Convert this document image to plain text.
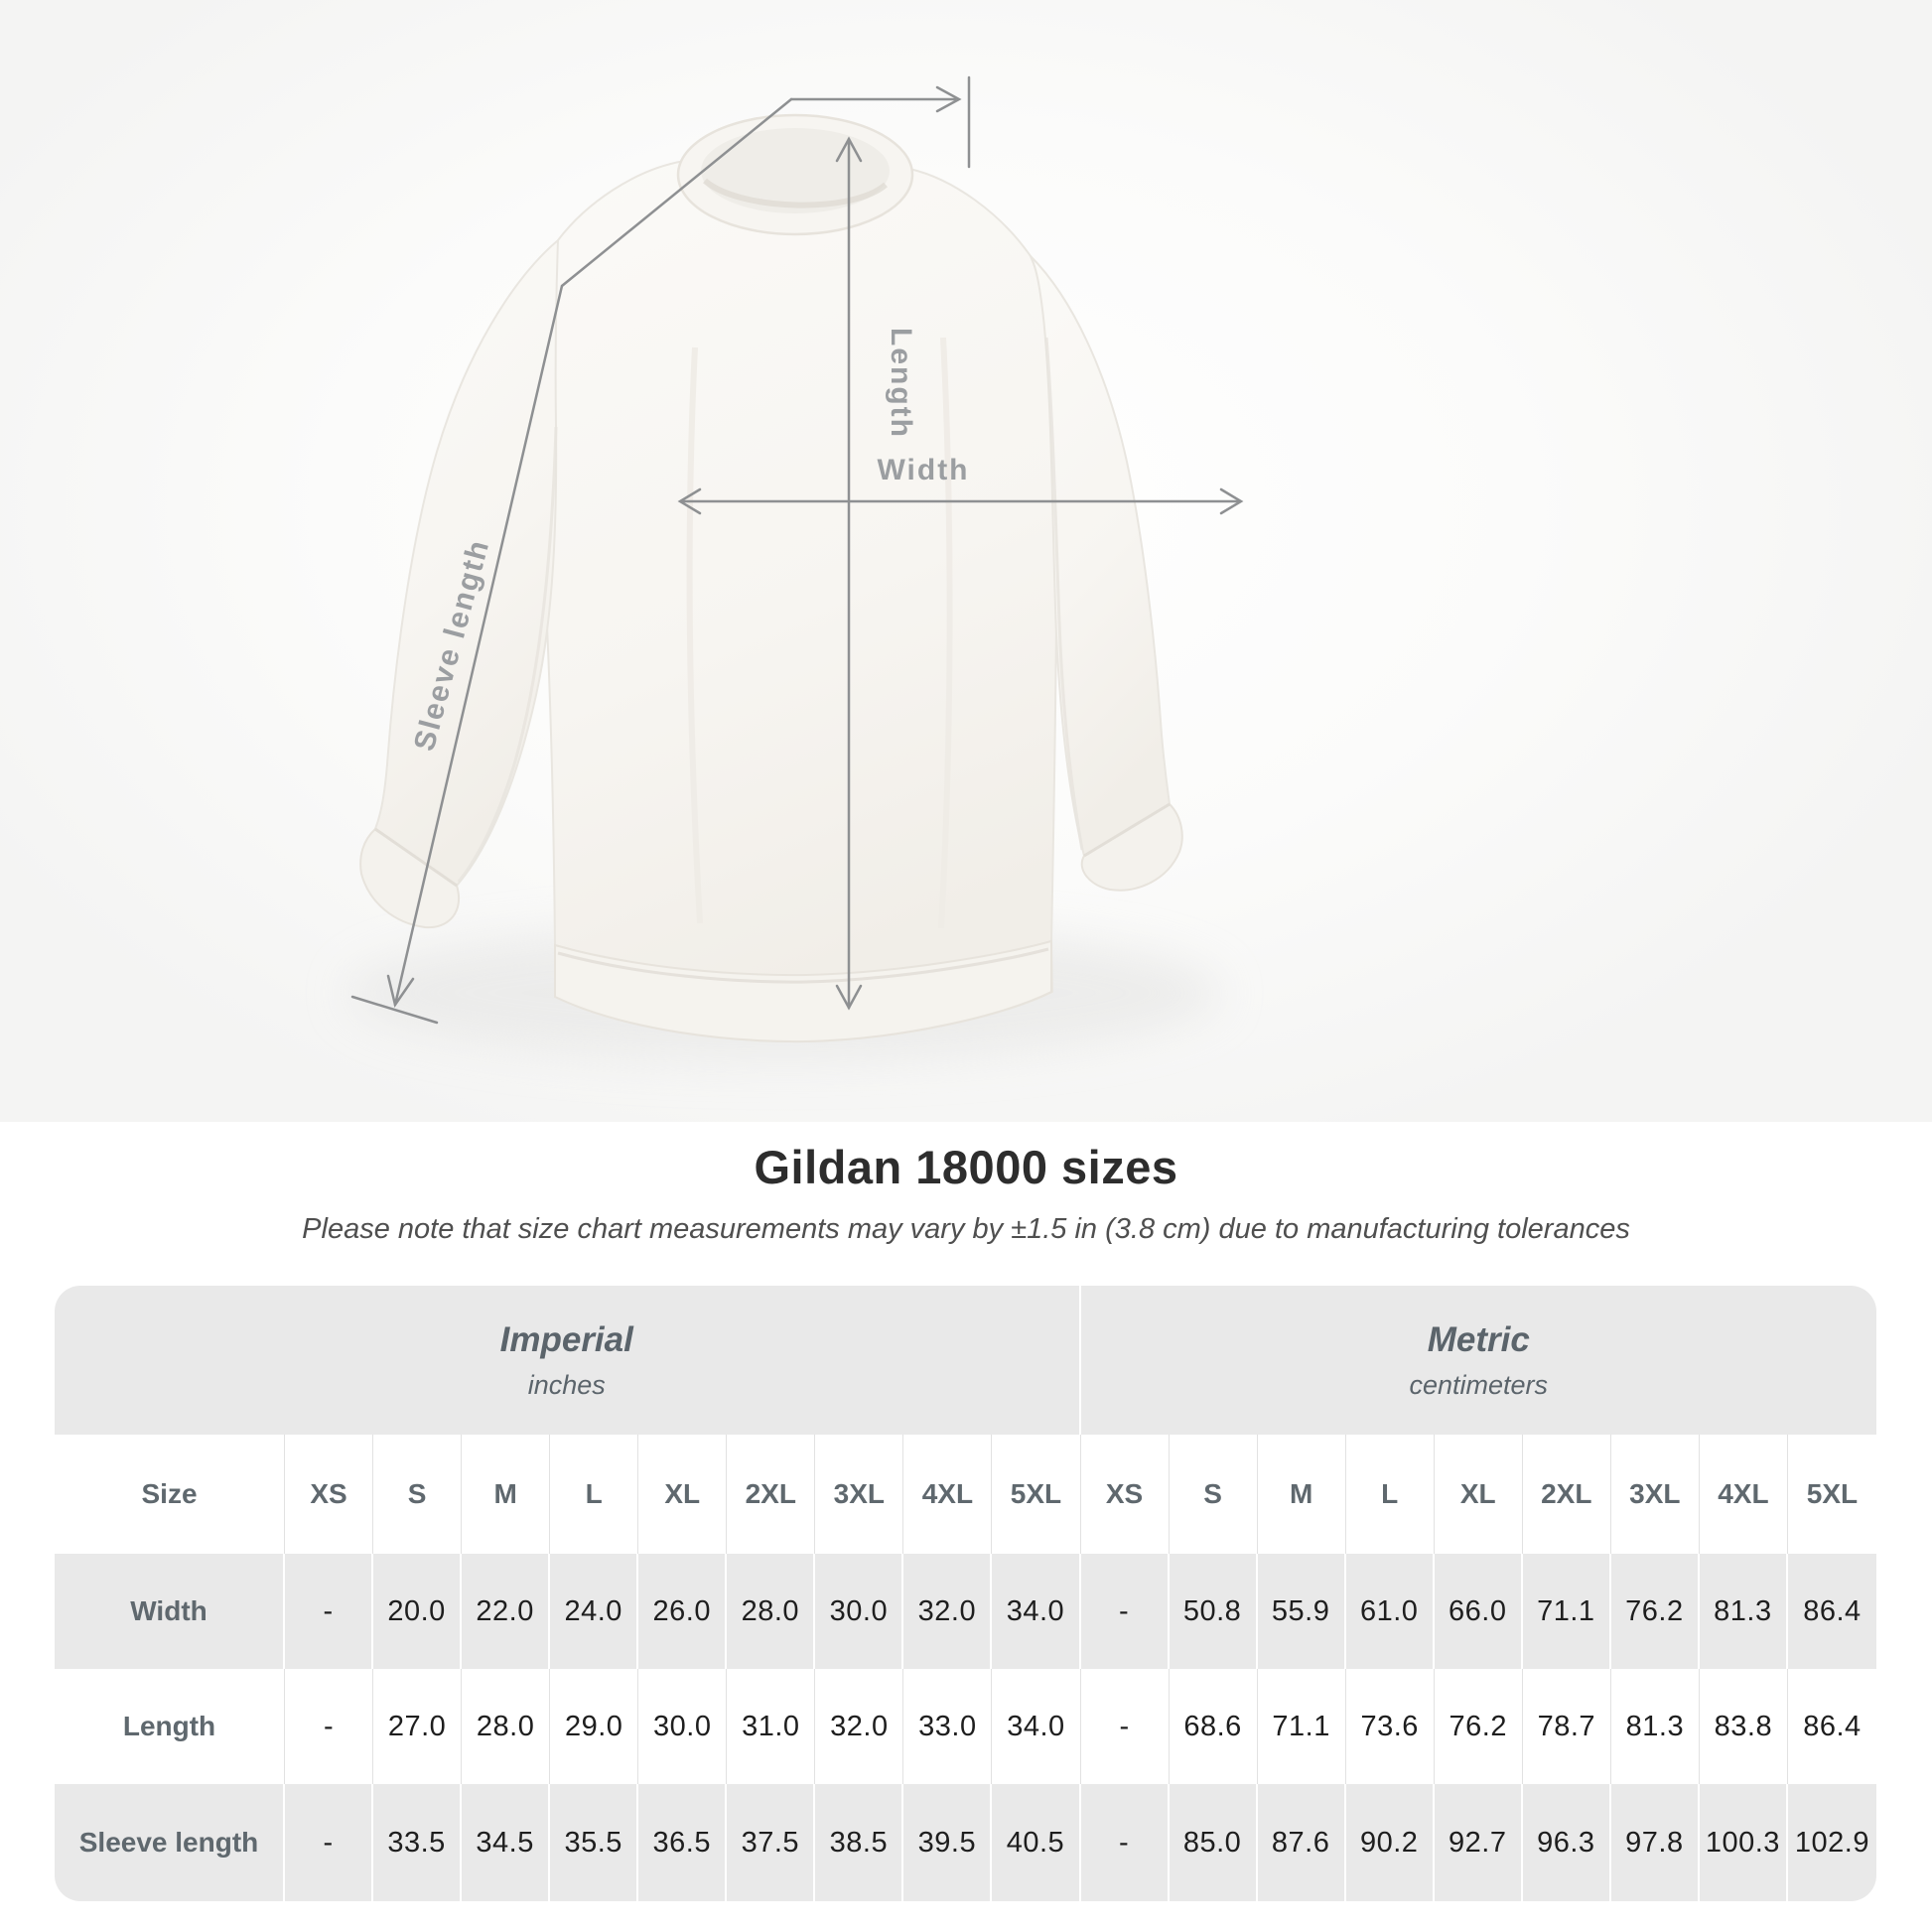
Length
Width
Sleeve length
Gildan 18000 sizes
Please note that size chart measurements may vary by ±1.5 in (3.8 cm) due to manufacturing tolerances
Imperial
inches
Metric
centimeters
Size	XS S M L XL 2XL 3XL 4XL 5XL XS S M L XL 2XL 3XL 4XL 5XL
Width	- 20.0 22.0 24.0 26.0 28.0 30.0 32.0 34.0 - 50.8 55.9 61.0 66.0 71.1 76.2 81.3 86.4
Length	- 27.0 28.0 29.0 30.0 31.0 32.0 33.0 34.0 - 68.6 71.1 73.6 76.2 78.7 81.3 83.8 86.4
Sleeve length - 33.5 34.5 35.5 36.5 37.5 38.5 39.5 40.5 - 85.0 87.6 90.2 92.7 96.3 97.8 100.3 102.9
